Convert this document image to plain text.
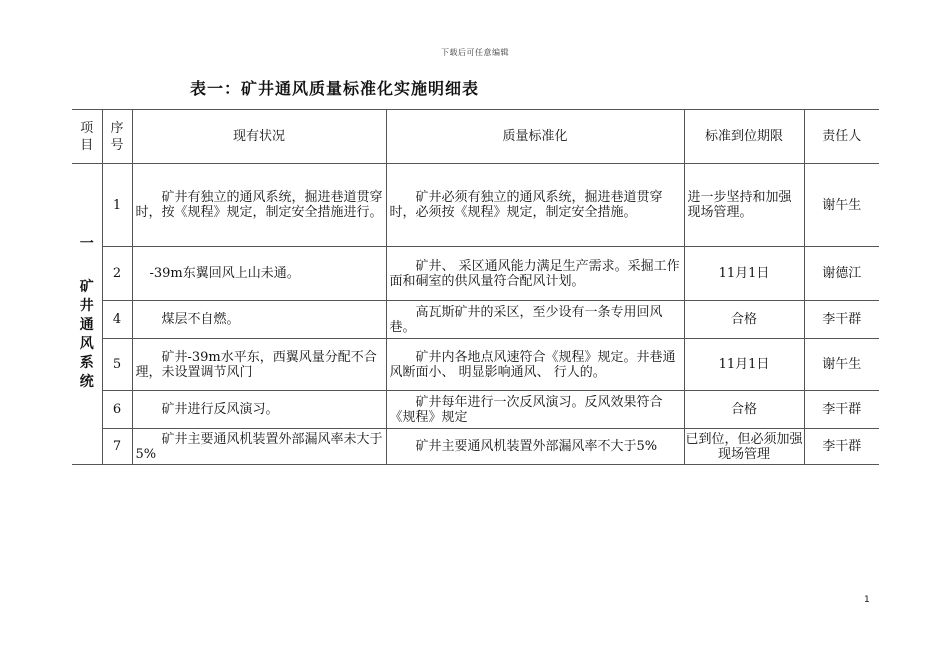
下载后可任意编辑
表一：矿井通风质量标准化实施明细表
项目	序号	现有状况	质量标准化	标准到位期限	责任人

一
矿井通风系统	1	矿井有独立的通风系统，掘进巷道贯穿时，按《规程》规定，制定安全措施进行。	矿井必须有独立的通风系统，掘进巷道贯穿时，必须按《规程》规定，制定安全措施。	进一步坚持和加强现场管理。	谢午生
	2	-39m东翼回风上山未通。	矿井、 采区通风能力满足生产需求。采掘工作面和硐室的供风量符合配风计划。	11月1日	谢德江
	4	煤层不自燃。	高瓦斯矿井的采区，至少设有一条专用回风巷。	合格	李干群
	5	矿井-39m水平东，西翼风量分配不合理，未设置调节风门	矿井内各地点风速符合《规程》规定。井巷通风断面小、 明显影响通风、 行人的。	11月1日	谢午生
	6	矿井进行反风演习。	矿井每年进行一次反风演习。反风效果符合《规程》规定	合格	李干群
	7	矿井主要通风机装置外部漏风率未大于5%	矿井主要通风机装置外部漏风率不大于5%	已到位，但必须加强现场管理	李干群
1
